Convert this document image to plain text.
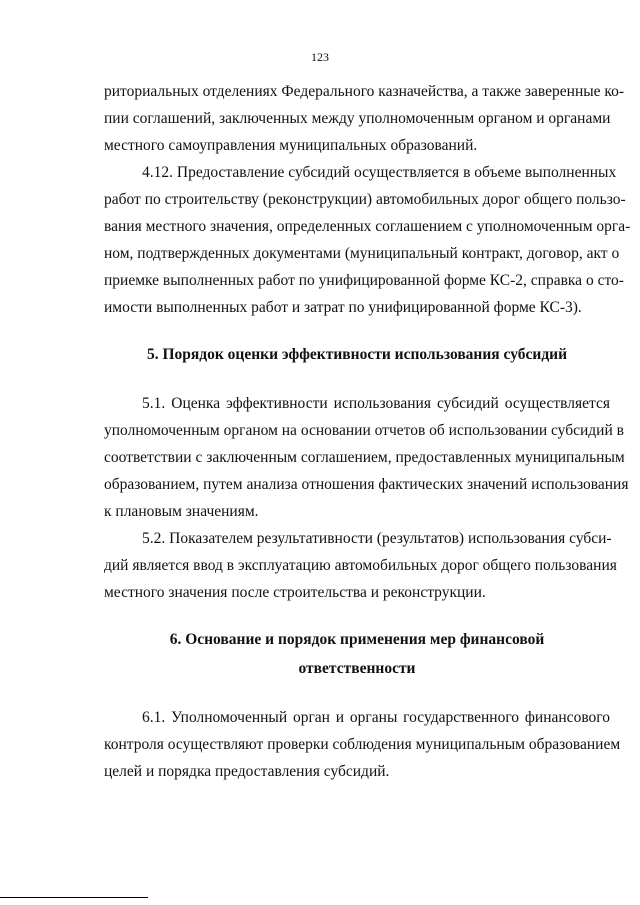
123
риториальных отделениях Федерального казначейства, а также заверенные ко-
пии соглашений, заключенных между уполномоченным органом и органами
местного самоуправления муниципальных образований.
4.12. Предоставление субсидий осуществляется в объеме выполненных
работ по строительству (реконструкции) автомобильных дорог общего пользо-
вания местного значения, определенных соглашением с уполномоченным орга-
ном, подтвержденных документами (муниципальный контракт, договор, акт о
приемке выполненных работ по унифицированной форме КС-2, справка о сто-
имости выполненных работ и затрат по унифицированной форме КС-3).
5. Порядок оценки эффективности использования субсидий
5.1. Оценка эффективности использования субсидий осуществляется
уполномоченным органом на основании отчетов об использовании субсидий в
соответствии с заключенным соглашением, предоставленных муниципальным
образованием, путем анализа отношения фактических значений использования
к плановым значениям.
5.2. Показателем результативности (результатов) использования субси-
дий является ввод в эксплуатацию автомобильных дорог общего пользования
местного значения после строительства и реконструкции.
6. Основание и порядок применения мер финансовой
ответственности
6.1. Уполномоченный орган и органы государственного финансового
контроля осуществляют проверки соблюдения муниципальным образованием
целей и порядка предоставления субсидий.
